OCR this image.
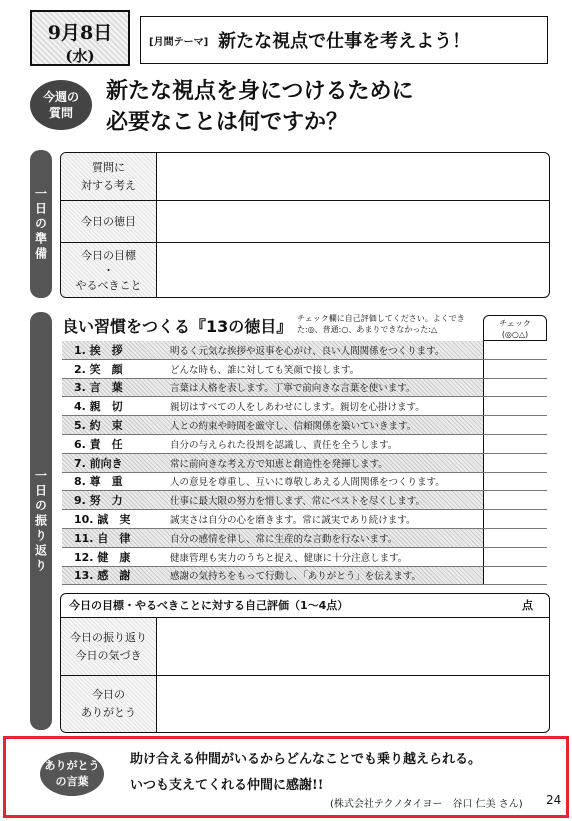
9月8日
(水)
[月間テーマ] 新たな視点で仕事を考えよう！
今週の
質問
新たな視点を身につけるために
必要なことは何ですか？
一日の準備
質問に
対する考え
今日の徳目
今日の目標
・
やるべきこと
一日の振り返り
良い習慣をつくる『13の徳目』 チェック欄に自己評価してください。よくできた:◎、普通:○、あまりできなかった:△
チェック
(◎○△)
1. 挨　拶	明るく元気な挨拶や返事を心がけ、良い人間関係をつくります。
2. 笑　顔	どんな時も、誰に対しても笑顔で接します。
3. 言　葉	言葉は人格を表します。丁寧で前向きな言葉を使います。
4. 親　切	親切はすべての人をしあわせにします。親切を心掛けます。
5. 約　束	人との約束や時間を厳守し、信頼関係を築いていきます。
6. 責　任	自分の与えられた役割を認識し、責任を全うします。
7. 前向き	常に前向きな考え方で知恵と創造性を発揮します。
8. 尊　重	人の意見を尊重し、互いに尊敬しあえる人間関係をつくります。
9. 努　力	仕事に最大限の努力を惜しまず、常にベストを尽くします。
10. 誠　実	誠実さは自分の心を磨きます。常に誠実であり続けます。
11. 自　律	自分の感情を律し、常に生産的な言動を行ないます。
12. 健　康	健康管理も実力のうちと捉え、健康に十分注意します。
13. 感　謝	感謝の気持ちをもって行動し、「ありがとう」を伝えます。
今日の目標・やるべきことに対する自己評価（1〜4点）	点
今日の振り返り
今日の気づき
今日の
ありがとう
ありがとう
の言葉
助け合える仲間がいるからどんなことでも乗り越えられる。
いつも支えてくれる仲間に感謝!!
(株式会社テクノタイヨー　谷口 仁美 さん) 24
